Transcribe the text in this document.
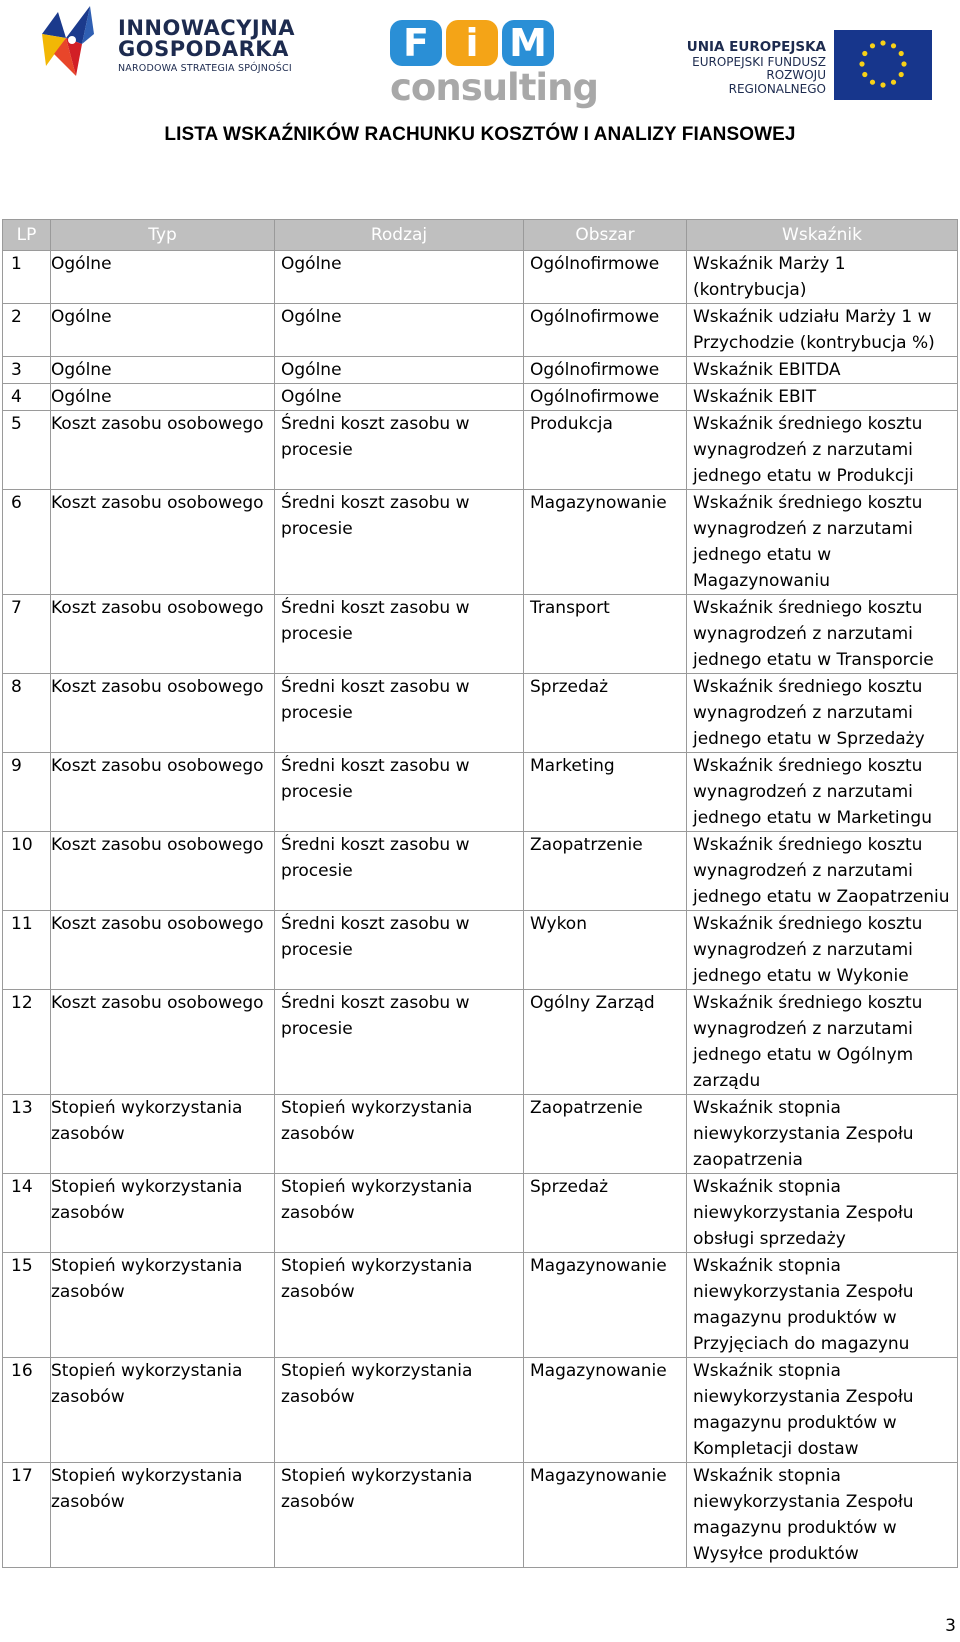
INNOWACYJNA
GOSPODARKA
NARODOWA STRATEGIA SPÓJNOŚCI
F i M
consulting
UNIA EUROPEJSKA
EUROPEJSKI FUNDUSZ
ROZWOJU REGIONALNEGO
LISTA WSKAŹNIKÓW RACHUNKU KOSZTÓW I ANALIZY FIANSOWEJ
LP	Typ	Rodzaj	Obszar	Wskaźnik
1	Ogólne	Ogólne	Ogólnofirmowe	Wskaźnik Marży 1 (kontrybucja)
2	Ogólne	Ogólne	Ogólnofirmowe	Wskaźnik udziału Marży 1 w Przychodzie (kontrybucja %)
3	Ogólne	Ogólne	Ogólnofirmowe	Wskaźnik EBITDA
4	Ogólne	Ogólne	Ogólnofirmowe	Wskaźnik EBIT
5	Koszt zasobu osobowego	Średni koszt zasobu w procesie	Produkcja	Wskaźnik średniego kosztu wynagrodzeń z narzutami jednego etatu w Produkcji
6	Koszt zasobu osobowego	Średni koszt zasobu w procesie	Magazynowanie	Wskaźnik średniego kosztu wynagrodzeń z narzutami jednego etatu w Magazynowaniu
7	Koszt zasobu osobowego	Średni koszt zasobu w procesie	Transport	Wskaźnik średniego kosztu wynagrodzeń z narzutami jednego etatu w Transporcie
8	Koszt zasobu osobowego	Średni koszt zasobu w procesie	Sprzedaż	Wskaźnik średniego kosztu wynagrodzeń z narzutami jednego etatu w Sprzedaży
9	Koszt zasobu osobowego	Średni koszt zasobu w procesie	Marketing	Wskaźnik średniego kosztu wynagrodzeń z narzutami jednego etatu w Marketingu
10	Koszt zasobu osobowego	Średni koszt zasobu w procesie	Zaopatrzenie	Wskaźnik średniego kosztu wynagrodzeń z narzutami jednego etatu w Zaopatrzeniu
11	Koszt zasobu osobowego	Średni koszt zasobu w procesie	Wykon	Wskaźnik średniego kosztu wynagrodzeń z narzutami jednego etatu w Wykonie
12	Koszt zasobu osobowego	Średni koszt zasobu w procesie	Ogólny Zarząd	Wskaźnik średniego kosztu wynagrodzeń z narzutami jednego etatu w Ogólnym zarządu
13	Stopień wykorzystania zasobów	Stopień wykorzystania zasobów	Zaopatrzenie	Wskaźnik stopnia niewykorzystania Zespołu zaopatrzenia
14	Stopień wykorzystania zasobów	Stopień wykorzystania zasobów	Sprzedaż	Wskaźnik stopnia niewykorzystania Zespołu obsługi sprzedaży
15	Stopień wykorzystania zasobów	Stopień wykorzystania zasobów	Magazynowanie	Wskaźnik stopnia niewykorzystania Zespołu magazynu produktów w Przyjęciach do magazynu
16	Stopień wykorzystania zasobów	Stopień wykorzystania zasobów	Magazynowanie	Wskaźnik stopnia niewykorzystania Zespołu magazynu produktów w Kompletacji dostaw
17	Stopień wykorzystania zasobów	Stopień wykorzystania zasobów	Magazynowanie	Wskaźnik stopnia niewykorzystania Zespołu magazynu produktów w Wysyłce produktów
3
